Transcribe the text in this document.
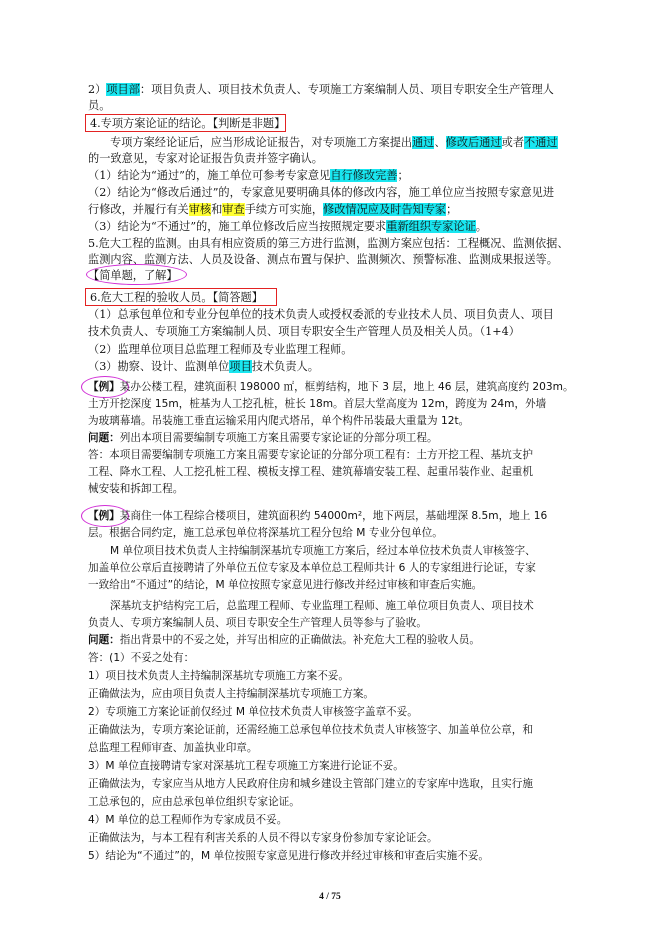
2）项目部：项目负责人、项目技术负责人、专项施工方案编制人员、项目专职安全生产管理人
员。
4.专项方案论证的结论。【判断是非题】
专项方案经论证后，应当形成论证报告，对专项施工方案提出通过、修改后通过或者不通过
的一致意见，专家对论证报告负责并签字确认。
（1）结论为“通过”的，施工单位可参考专家意见自行修改完善；
（2）结论为“修改后通过”的，专家意见要明确具体的修改内容，施工单位应当按照专家意见进
行修改，并履行有关审核和审查手续方可实施，修改情况应及时告知专家；
（3）结论为“不通过”的，施工单位修改后应当按照规定要求重新组织专家论证。
5.危大工程的监测。由具有相应资质的第三方进行监测，监测方案应包括：工程概况、监测依据、
监测内容、监测方法、人员及设备、测点布置与保护、监测频次、预警标准、监测成果报送等。
【简单题，了解】
6.危大工程的验收人员。【简答题】
（1）总承包单位和专业分包单位的技术负责人或授权委派的专业技术人员、项目负责人、项目
技术负责人、专项施工方案编制人员、项目专职安全生产管理人员及相关人员。（1+4）
（2）监理单位项目总监理工程师及专业监理工程师。
（3）勘察、设计、监测单位项目技术负责人。
【例】某办公楼工程，建筑面积 198000 ㎡，框剪结构，地下 3 层，地上 46 层，建筑高度约 203m。
土方开挖深度 15m，桩基为人工挖孔桩，桩长 18m。首层大堂高度为 12m，跨度为 24m，外墙
为玻璃幕墙。吊装施工垂直运输采用内爬式塔吊，单个构件吊装最大重量为 12t。
问题：列出本项目需要编制专项施工方案且需要专家论证的分部分项工程。
答：本项目需要编制专项施工方案且需要专家论证的分部分项工程有：土方开挖工程、基坑支护
工程、降水工程、人工挖孔桩工程、模板支撑工程、建筑幕墙安装工程、起重吊装作业、起重机
械安装和拆卸工程。
【例】某商住一体工程综合楼项目，建筑面积约 54000m²，地下两层，基础埋深 8.5m，地上 16
层。根据合同约定，施工总承包单位将深基坑工程分包给 M 专业分包单位。
M 单位项目技术负责人主持编制深基坑专项施工方案后，经过本单位技术负责人审核签字、
加盖单位公章后直接聘请了外单位五位专家及本单位总工程师共计 6 人的专家组进行论证，专家
一致给出“不通过”的结论，M 单位按照专家意见进行修改并经过审核和审查后实施。
深基坑支护结构完工后，总监理工程师、专业监理工程师、施工单位项目负责人、项目技术
负责人、专项方案编制人员、项目专职安全生产管理人员等参与了验收。
问题：指出背景中的不妥之处，并写出相应的正确做法。补充危大工程的验收人员。
答：(1）不妥之处有：
1）项目技术负责人主持编制深基坑专项施工方案不妥。
正确做法为，应由项目负责人主持编制深基坑专项施工方案。
2）专项施工方案论证前仅经过 M 单位技术负责人审核签字盖章不妥。
正确做法为，专项方案论证前，还需经施工总承包单位技术负责人审核签字、加盖单位公章，和
总监理工程师审查、加盖执业印章。
3）M 单位直接聘请专家对深基坑工程专项施工方案进行论证不妥。
正确做法为，专家应当从地方人民政府住房和城乡建设主管部门建立的专家库中选取，且实行施
工总承包的，应由总承包单位组织专家论证。
4）M 单位的总工程师作为专家成员不妥。
正确做法为，与本工程有利害关系的人员不得以专家身份参加专家论证会。
5）结论为“不通过”的，M 单位按照专家意见进行修改并经过审核和审查后实施不妥。
4 / 75
